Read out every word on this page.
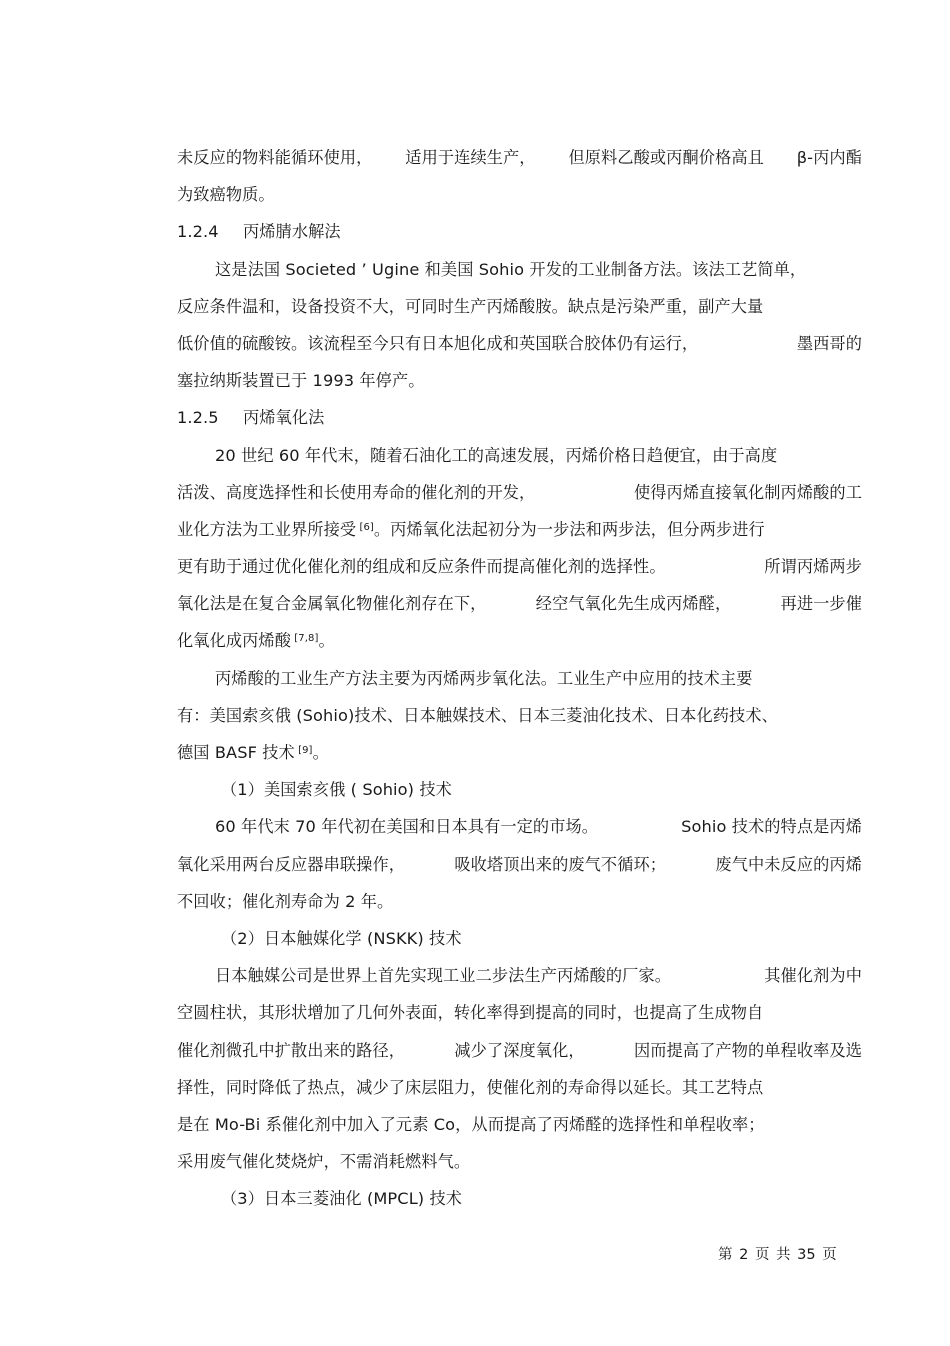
未反应的物料能循环使用， 适用于连续生产， 但原料乙酸或丙酮价格高且 β-丙内酯
为致癌物质。
1.2.4 丙烯腈水解法
这是法国 Societed ’ Ugine 和美国 Sohio 开发的工业制备方法。该法工艺简单，
反应条件温和，设备投资不大，可同时生产丙烯酸胺。缺点是污染严重，副产大量
低价值的硫酸铵。该流程至今只有日本旭化成和英国联合胶体仍有运行，	墨西哥的
塞拉纳斯装置已于 1993 年停产。
1.2.5 丙烯氧化法
20 世纪 60 年代末，随着石油化工的高速发展，丙烯价格日趋便宜，由于高度
活泼、高度选择性和长使用寿命的催化剂的开发，	使得丙烯直接氧化制丙烯酸的工
业化方法为工业界所接受 [6]。丙烯氧化法起初分为一步法和两步法，但分两步进行
更有助于通过优化催化剂的组成和反应条件而提高催化剂的选择性。	所谓丙烯两步
氧化法是在复合金属氧化物催化剂存在下，	经空气氧化先生成丙烯醛，	再进一步催
化氧化成丙烯酸 [7,8]。
丙烯酸的工业生产方法主要为丙烯两步氧化法。工业生产中应用的技术主要
有：美国索亥俄 (Sohio)技术、日本触媒技术、日本三菱油化技术、日本化药技术、
德国 BASF 技术 [9]。
（1）美国索亥俄 ( Sohio) 技术
60 年代末 70 年代初在美国和日本具有一定的市场。	Sohio 技术的特点是丙烯
氧化采用两台反应器串联操作，	吸收塔顶出来的废气不循环；	废气中未反应的丙烯
不回收；催化剂寿命为 2 年。
（2）日本触媒化学 (NSKK) 技术
日本触媒公司是世界上首先实现工业二步法生产丙烯酸的厂家。	其催化剂为中
空圆柱状，其形状增加了几何外表面，转化率得到提高的同时，也提高了生成物自
催化剂微孔中扩散出来的路径，	减少了深度氧化，	因而提高了产物的单程收率及选
择性，同时降低了热点，减少了床层阻力，使催化剂的寿命得以延长。其工艺特点
是在 Mo-Bi 系催化剂中加入了元素 Co，从而提高了丙烯醛的选择性和单程收率；
采用废气催化焚烧炉，不需消耗燃料气。
（3）日本三菱油化 (MPCL) 技术
第 2 页 共 35 页
